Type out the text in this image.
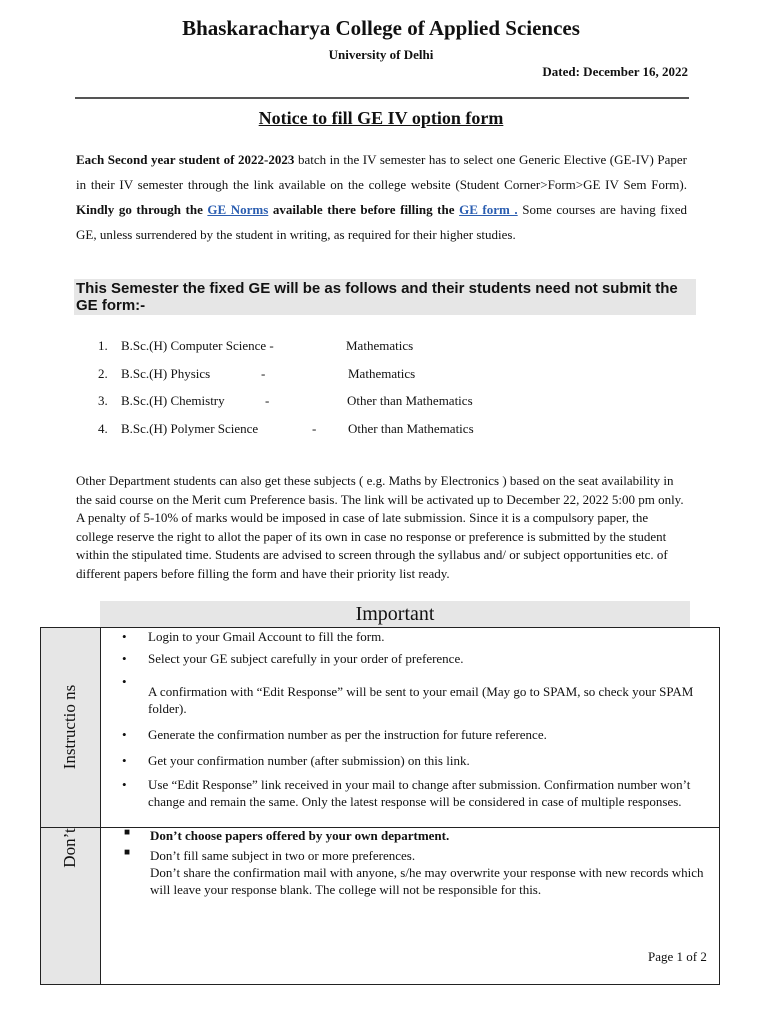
Bhaskaracharya College of Applied Sciences
University of Delhi
Dated: December 16, 2022
Notice to fill GE IV option form
Each Second year student of 2022-2023 batch in the IV semester has to select one Generic Elective (GE-IV) Paper in their IV semester through the link available on the college website (Student Corner>Form>GE IV Sem Form). Kindly go through the GE Norms available there before filling the GE form . Some courses are having fixed GE, unless surrendered by the student in writing, as required for their higher studies.
This Semester the fixed GE will be as follows and their students need not submit the GE form:-
1. B.Sc.(H) Computer Science -	Mathematics
2. B.Sc.(H) Physics	-	Mathematics
3. B.Sc.(H) Chemistry	-	Other than Mathematics
4. B.Sc.(H) Polymer Science	- Other than Mathematics
Other Department students can also get these subjects ( e.g. Maths by Electronics ) based on the seat availability in the said course on the Merit cum Preference basis. The link will be activated up to December 22, 2022 5:00 pm only. A penalty of 5-10% of marks would be imposed in case of late submission. Since it is a compulsory paper, the college reserve the right to allot the paper of its own in case no response or preference is submitted by the student within the stipulated time. Students are advised to screen through the syllabus and/ or subject opportunities etc. of different papers before filling the form and have their priority list ready.
Important
Instructio ns
Don’t
• Login to your Gmail Account to fill the form.
• Select your GE subject carefully in your order of preference.
•
A confirmation with “Edit Response” will be sent to your email (May go to SPAM, so check your SPAM folder).
• Generate the confirmation number as per the instruction for future reference.
• Get your confirmation number (after submission) on this link.
• Use “Edit Response” link received in your mail to change after submission. Confirmation number won’t change and remain the same. Only the latest response will be considered in case of multiple responses.
■ Don’t choose papers offered by your own department.
■ Don’t fill same subject in two or more preferences.
Don’t share the confirmation mail with anyone, s/he may overwrite your response with new records which will leave your response blank. The college will not be responsible for this.
Page 1 of 2
